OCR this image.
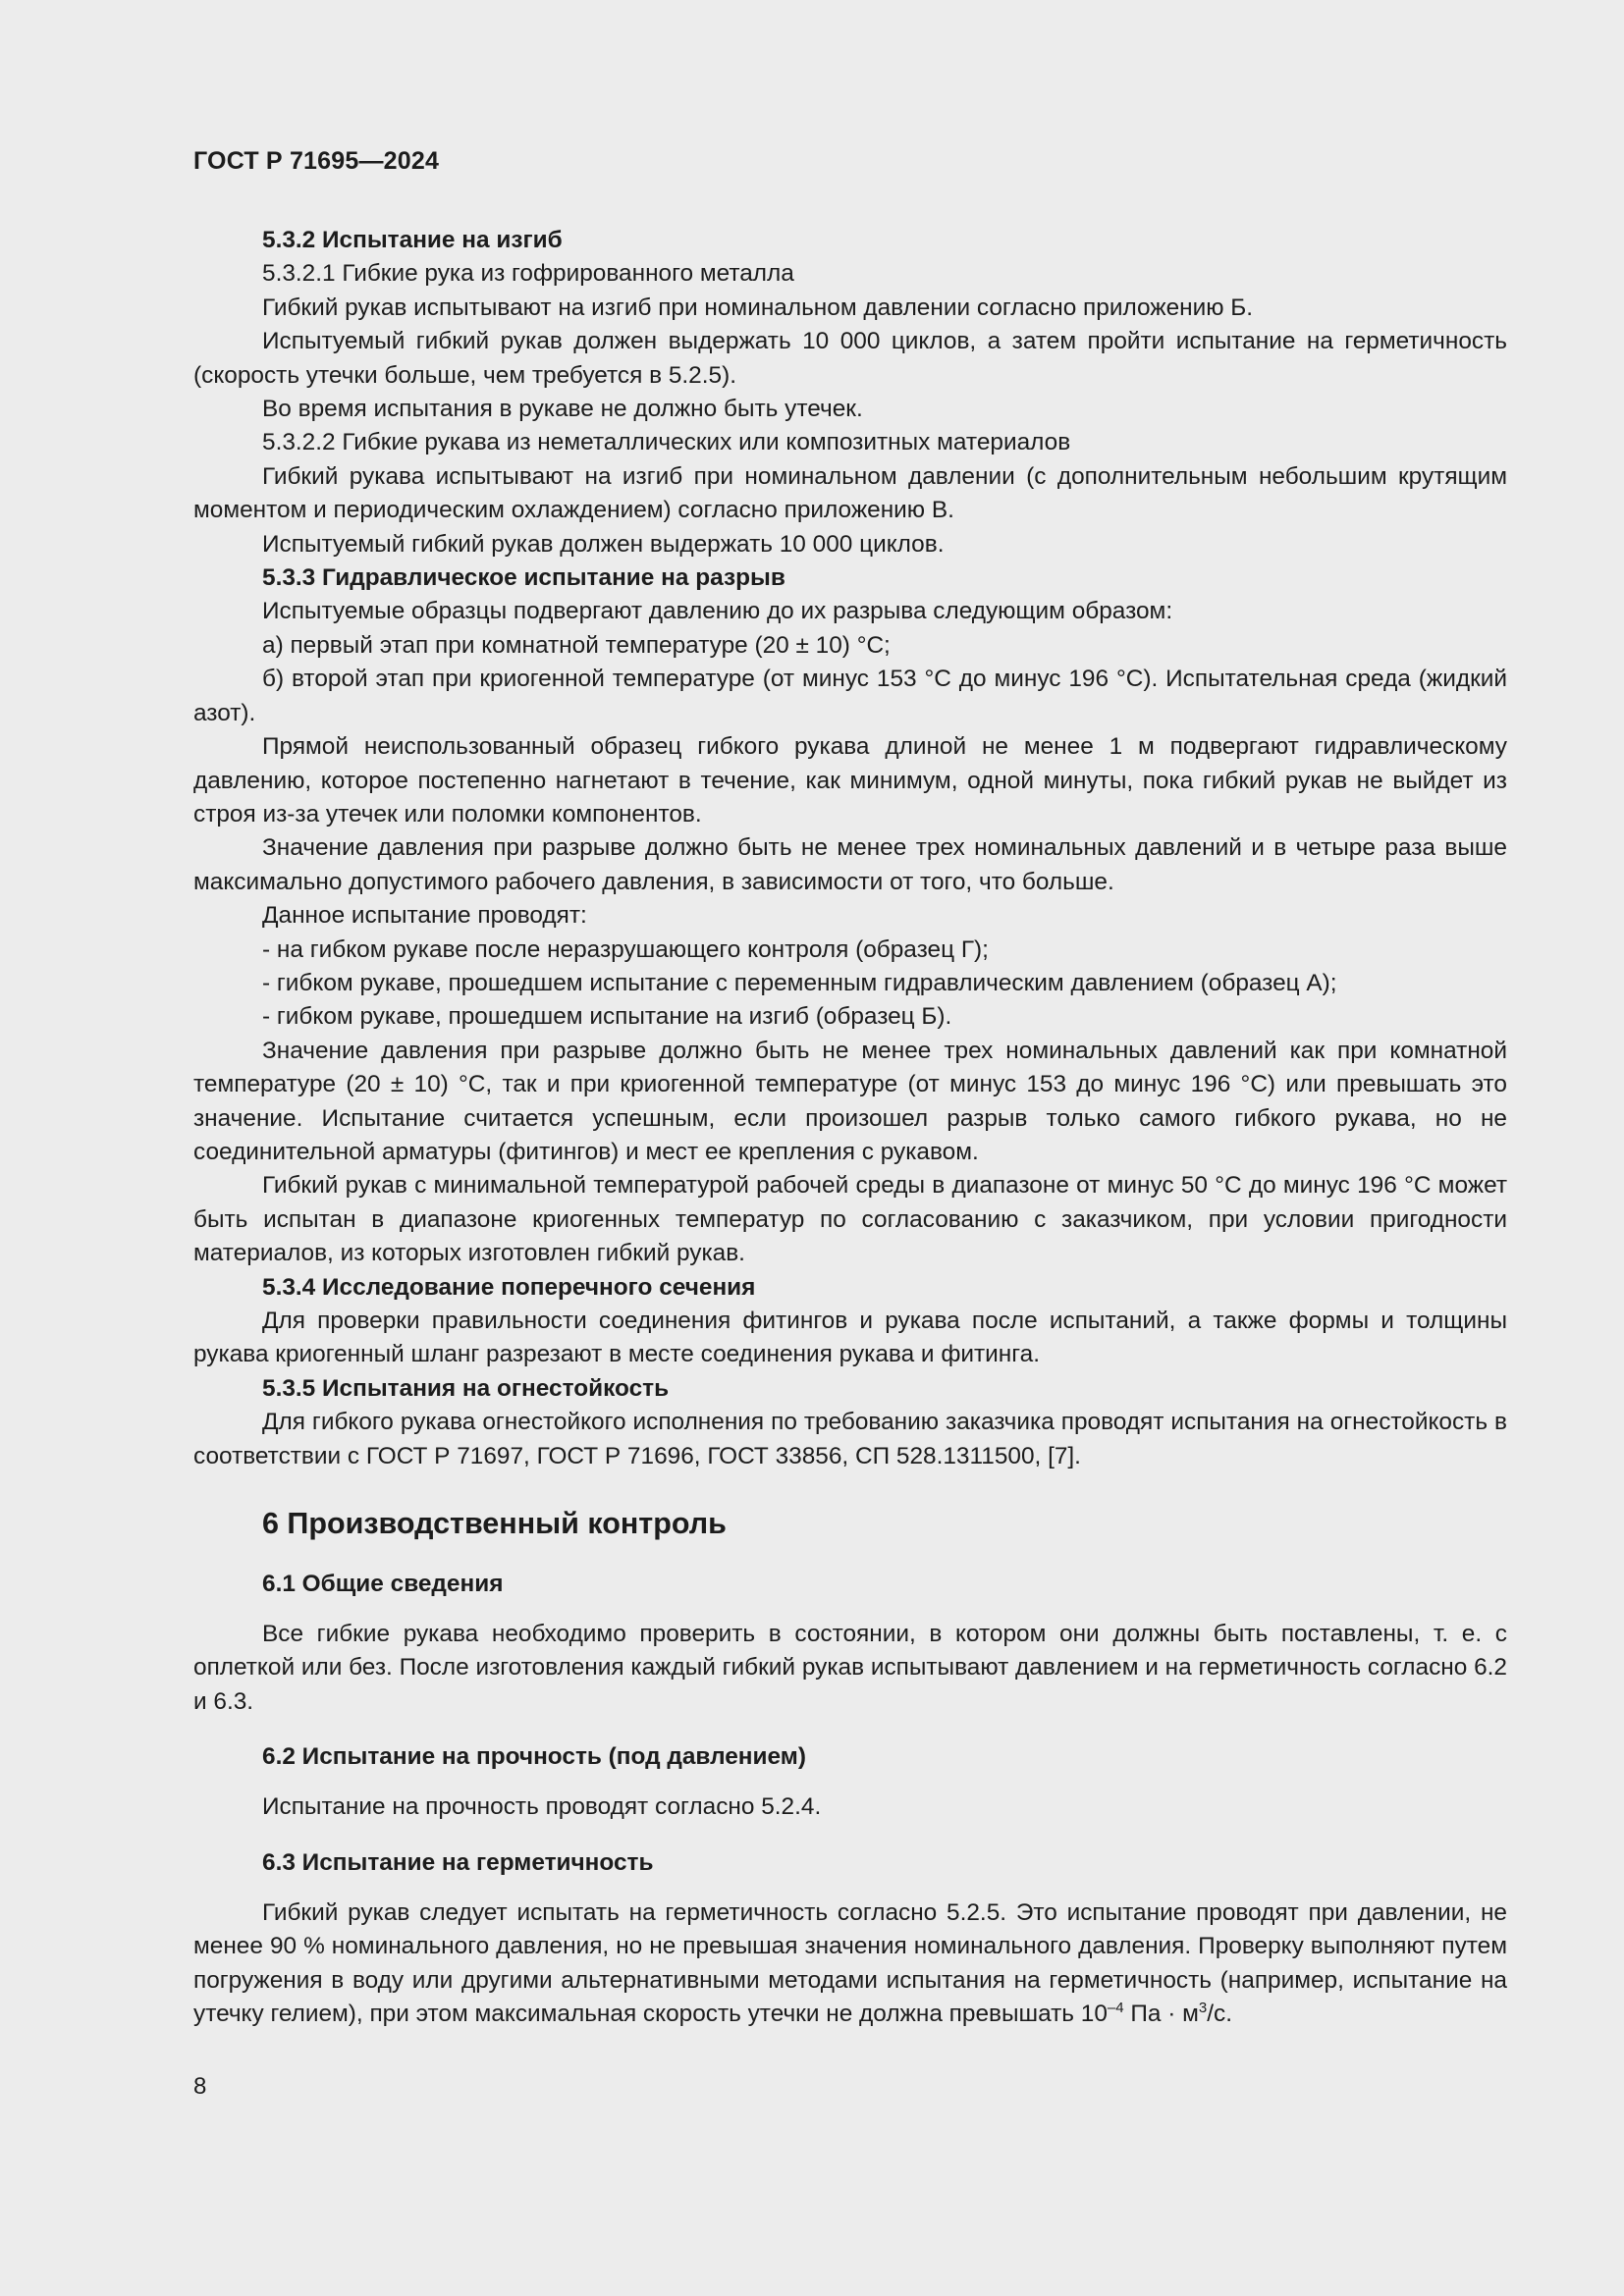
ГОСТ Р 71695—2024

5.3.2 Испытание на изгиб

5.3.2.1 Гибкие рука из гофрированного металла

Гибкий рукав испытывают на изгиб при номинальном давлении согласно приложению Б.

Испытуемый гибкий рукав должен выдержать 10 000 циклов, а затем пройти испытание на герметичность (скорость утечки больше, чем требуется в 5.2.5).

Во время испытания в рукаве не должно быть утечек.

5.3.2.2 Гибкие рукава из неметаллических или композитных материалов

Гибкий рукава испытывают на изгиб при номинальном давлении (с дополнительным небольшим крутящим моментом и периодическим охлаждением) согласно приложению В.

Испытуемый гибкий рукав должен выдержать 10 000 циклов.

5.3.3 Гидравлическое испытание на разрыв

Испытуемые образцы подвергают давлению до их разрыва следующим образом:

а) первый этап при комнатной температуре (20 ± 10) °С;

б) второй этап при криогенной температуре (от минус 153 °С до минус 196 °С). Испытательная среда (жидкий азот).

Прямой неиспользованный образец гибкого рукава длиной не менее 1 м подвергают гидравлическому давлению, которое постепенно нагнетают в течение, как минимум, одной минуты, пока гибкий рукав не выйдет из строя из-за утечек или поломки компонентов.

Значение давления при разрыве должно быть не менее трех номинальных давлений и в четыре раза выше максимально допустимого рабочего давления, в зависимости от того, что больше.

Данное испытание проводят:

- на гибком рукаве после неразрушающего контроля (образец Г);

- гибком рукаве, прошедшем испытание с переменным гидравлическим давлением (образец А);

- гибком рукаве, прошедшем испытание на изгиб (образец Б).

Значение давления при разрыве должно быть не менее трех номинальных давлений как при комнатной температуре (20 ± 10) °С, так и при криогенной температуре (от минус 153 до минус 196 °С) или превышать это значение. Испытание считается успешным, если произошел разрыв только самого гибкого рукава, но не соединительной арматуры (фитингов) и мест ее крепления с рукавом.

Гибкий рукав с минимальной температурой рабочей среды в диапазоне от минус 50 °С до минус 196 °С может быть испытан в диапазоне криогенных температур по согласованию с заказчиком, при условии пригодности материалов, из которых изготовлен гибкий рукав.

5.3.4 Исследование поперечного сечения

Для проверки правильности соединения фитингов и рукава после испытаний, а также формы и толщины рукава криогенный шланг разрезают в месте соединения рукава и фитинга.

5.3.5 Испытания на огнестойкость

Для гибкого рукава огнестойкого исполнения по требованию заказчика проводят испытания на огнестойкость в соответствии с ГОСТ Р 71697, ГОСТ Р 71696, ГОСТ 33856, СП 528.1311500, [7].

6 Производственный контроль
6.1 Общие сведения

Все гибкие рукава необходимо проверить в состоянии, в котором они должны быть поставлены, т. е. с оплеткой или без. После изготовления каждый гибкий рукав испытывают давлением и на герметичность согласно 6.2 и 6.3.

6.2 Испытание на прочность (под давлением)

Испытание на прочность проводят согласно 5.2.4.

6.3 Испытание на герметичность

Гибкий рукав следует испытать на герметичность согласно 5.2.5. Это испытание проводят при давлении, не менее 90 % номинального давления, но не превышая значения номинального давления. Проверку выполняют путем погружения в воду или другими альтернативными методами испытания на герметичность (например, испытание на утечку гелием), при этом максимальная скорость утечки не должна превышать $10^{-4}$ Па · $м^3/с$.

8
